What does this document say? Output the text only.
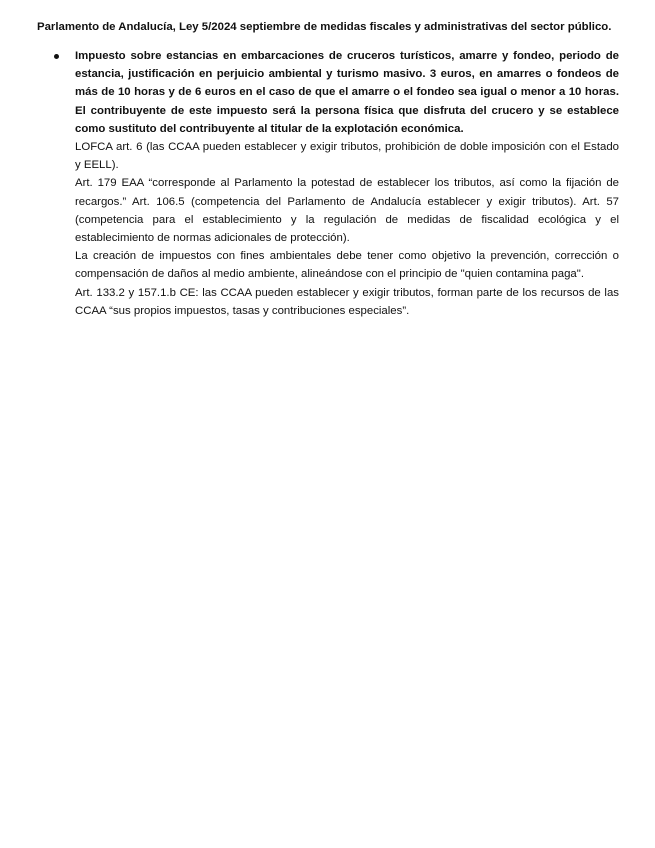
Parlamento de Andalucía, Ley 5/2024 septiembre de medidas fiscales y administrativas del sector público.

Impuesto sobre estancias en embarcaciones de cruceros turísticos, amarre y fondeo, periodo de estancia, justificación en perjuicio ambiental y turismo masivo. 3 euros, en amarres o fondeos de más de 10 horas y de 6 euros en el caso de que el amarre o el fondeo sea igual o menor a 10 horas. El contribuyente de este impuesto será la persona física que disfruta del crucero y se establece como sustituto del contribuyente al titular de la explotación económica.

LOFCA art. 6 (las CCAA pueden establecer y exigir tributos, prohibición de doble imposición con el Estado y EELL).

Art. 179 EAA “corresponde al Parlamento la potestad de establecer los tributos, así como la fijación de recargos.” Art. 106.5 (competencia del Parlamento de Andalucía establecer y exigir tributos). Art. 57 (competencia para el establecimiento y la regulación de medidas de fiscalidad ecológica y el establecimiento de normas adicionales de protección).

La creación de impuestos con fines ambientales debe tener como objetivo la prevención, corrección o compensación de daños al medio ambiente, alineándose con el principio de "quien contamina paga".

Art. 133.2 y 157.1.b CE: las CCAA pueden establecer y exigir tributos, forman parte de los recursos de las CCAA “sus propios impuestos, tasas y contribuciones especiales”.
